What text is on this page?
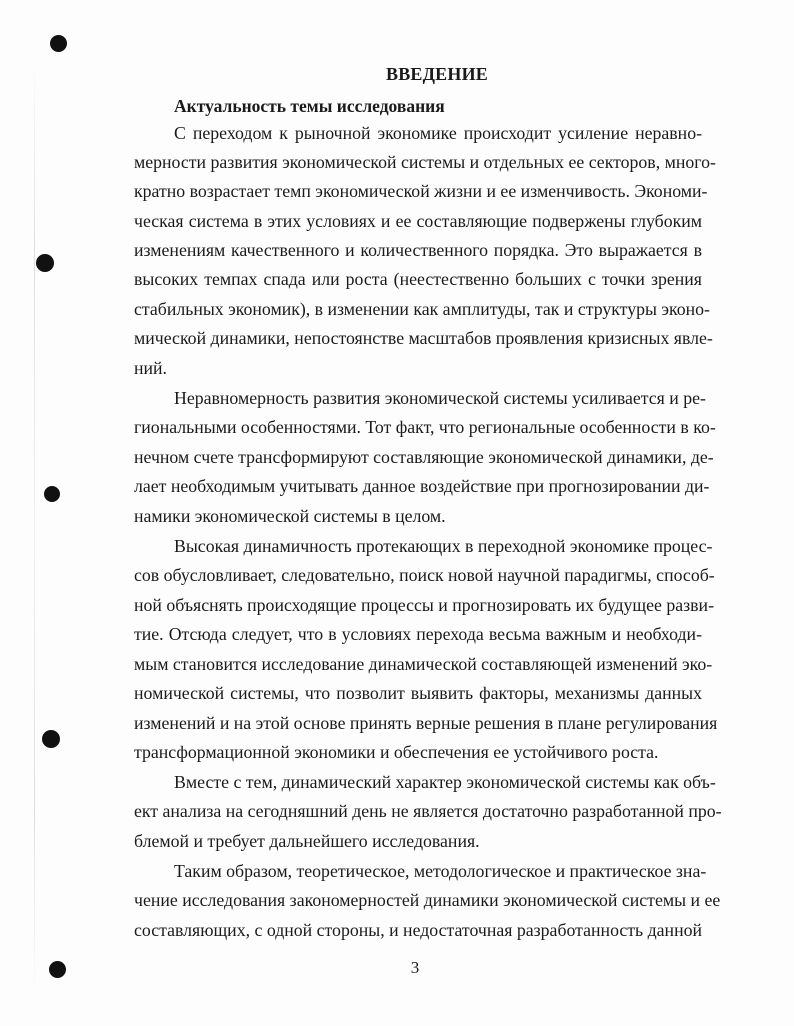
ВВЕДЕНИЕ
Актуальность темы исследования
С переходом к рыночной экономике происходит усиление неравно-
мерности развития экономической системы и отдельных ее секторов, много-
кратно возрастает темп экономической жизни и ее изменчивость. Экономи-
ческая система в этих условиях и ее составляющие подвержены глубоким
изменениям качественного и количественного порядка. Это выражается в
высоких темпах спада или роста (неестественно больших с точки зрения
стабильных экономик), в изменении как амплитуды, так и структуры эконо-
мической динамики, непостоянстве масштабов проявления кризисных явле-
ний.
Неравномерность развития экономической системы усиливается и ре-
гиональными особенностями. Тот факт, что региональные особенности в ко-
нечном счете трансформируют составляющие экономической динамики, де-
лает необходимым учитывать данное воздействие при прогнозировании ди-
намики экономической системы в целом.
Высокая динамичность протекающих в переходной экономике процес-
сов обусловливает, следовательно, поиск новой научной парадигмы, способ-
ной объяснять происходящие процессы и прогнозировать их будущее разви-
тие. Отсюда следует, что в условиях перехода весьма важным и необходи-
мым становится исследование динамической составляющей изменений эко-
номической системы, что позволит выявить факторы, механизмы данных
изменений и на этой основе принять верные решения в плане регулирования
трансформационной экономики и обеспечения ее устойчивого роста.
Вместе с тем, динамический характер экономической системы как объ-
ект анализа на сегодняшний день не является достаточно разработанной про-
блемой и требует дальнейшего исследования.
Таким образом, теоретическое, методологическое и практическое зна-
чение исследования закономерностей динамики экономической системы и ее
составляющих, с одной стороны, и недостаточная разработанность данной
3
